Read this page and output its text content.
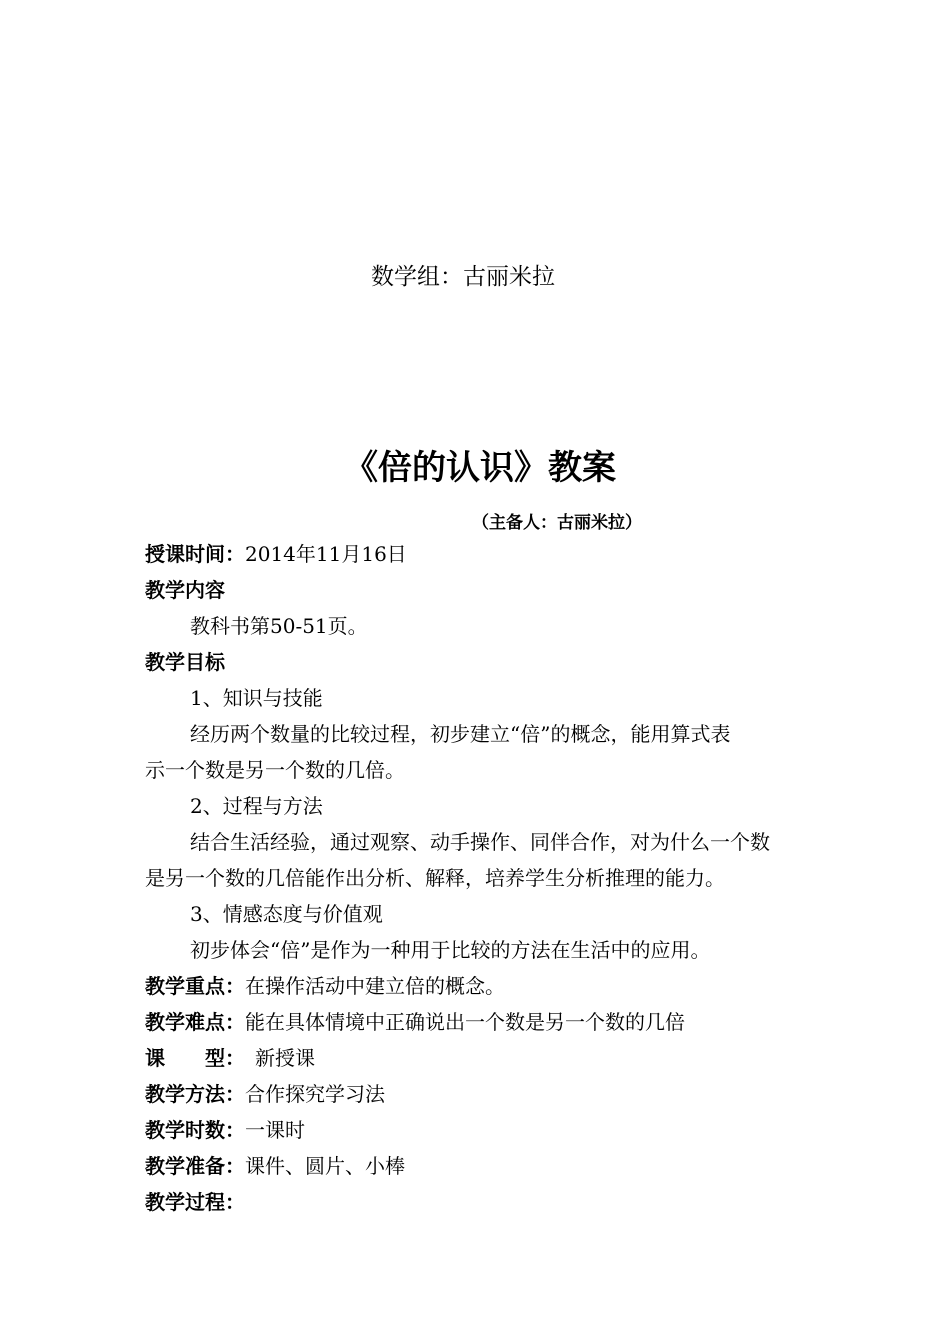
数学组：古丽米拉
《倍的认识》教案
（主备人：古丽米拉）
授课时间：2014年11月16日
教学内容
教科书第50-51页。
教学目标
1、知识与技能
经历两个数量的比较过程，初步建立“倍”的概念，能用算式表
示一个数是另一个数的几倍。
2、过程与方法
结合生活经验，通过观察、动手操作、同伴合作，对为什么一个数
是另一个数的几倍能作出分析、解释，培养学生分析推理的能力。
3、情感态度与价值观
初步体会“倍”是作为一种用于比较的方法在生活中的应用。
教学重点：在操作活动中建立倍的概念。
教学难点：能在具体情境中正确说出一个数是另一个数的几倍
课 型： 新授课
教学方法：合作探究学习法
教学时数：一课时
教学准备：课件、圆片、小棒
教学过程：
